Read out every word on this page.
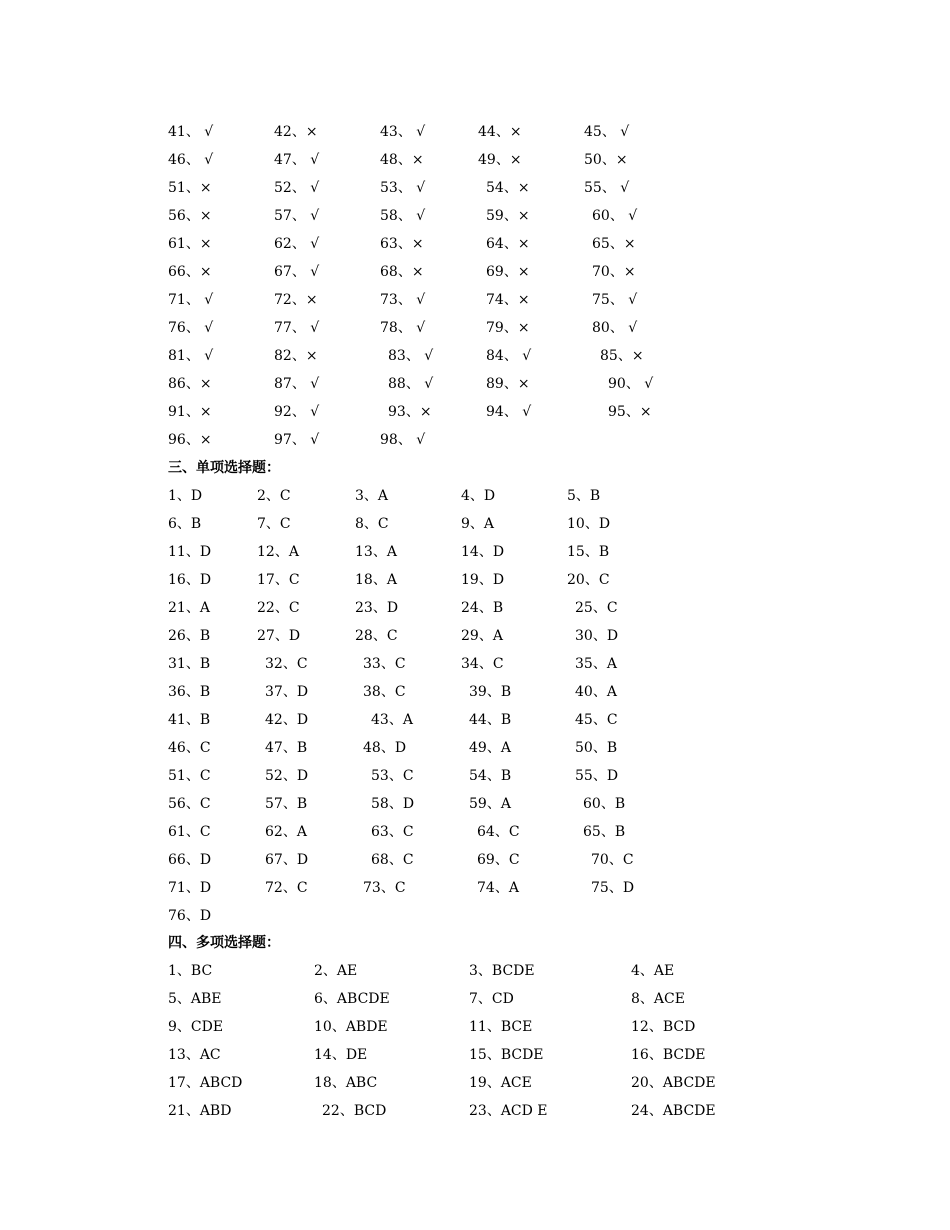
41、 √	42、×	43、 √	44、×	45、 √
46、 √	47、 √	48、×	49、×	50、×
51、×	52、 √	53、 √	54、×	55、 √
56、×	57、 √	58、 √	59、×	60、 √
61、×	62、 √	63、×	64、×	65、×
66、×	67、 √	68、×	69、×	70、×
71、 √	72、×	73、 √	74、×	75、 √
76、 √	77、 √	78、 √	79、×	80、 √
81、 √	82、×	83、 √	84、 √	85、×
86、×	87、 √	88、 √	89、×	90、 √
91、×	92、 √	93、×	94、 √	95、×
96、×	97、 √	98、 √
三、单项选择题：
1、D	2、C	3、A	4、D	5、B
6、B	7、C	8、C	9、A	10、D
11、D	12、A	13、A	14、D	15、B
16、D	17、C	18、A	19、D	20、C
21、A	22、C	23、D	24、B	25、C
26、B	27、D	28、C	29、A	30、D
31、B	32、C	33、C	34、C	35、A
36、B	37、D	38、C	39、B	40、A
41、B	42、D	43、A	44、B	45、C
46、C	47、B	48、D	49、A	50、B
51、C	52、D	53、C	54、B	55、D
56、C	57、B	58、D	59、A	60、B
61、C	62、A	63、C	64、C	65、B
66、D	67、D	68、C	69、C	70、C
71、D	72、C	73、C	74、A	75、D
76、D
四、多项选择题：
1、BC	2、AE	3、BCDE	4、AE
5、ABE	6、ABCDE	7、CD	8、ACE
9、CDE	10、ABDE	11、BCE	12、BCD
13、AC	14、DE	15、BCDE	16、BCDE
17、ABCD	18、ABC	19、ACE	20、ABCDE
21、ABD	22、BCD	23、ACD E	24、ABCDE
